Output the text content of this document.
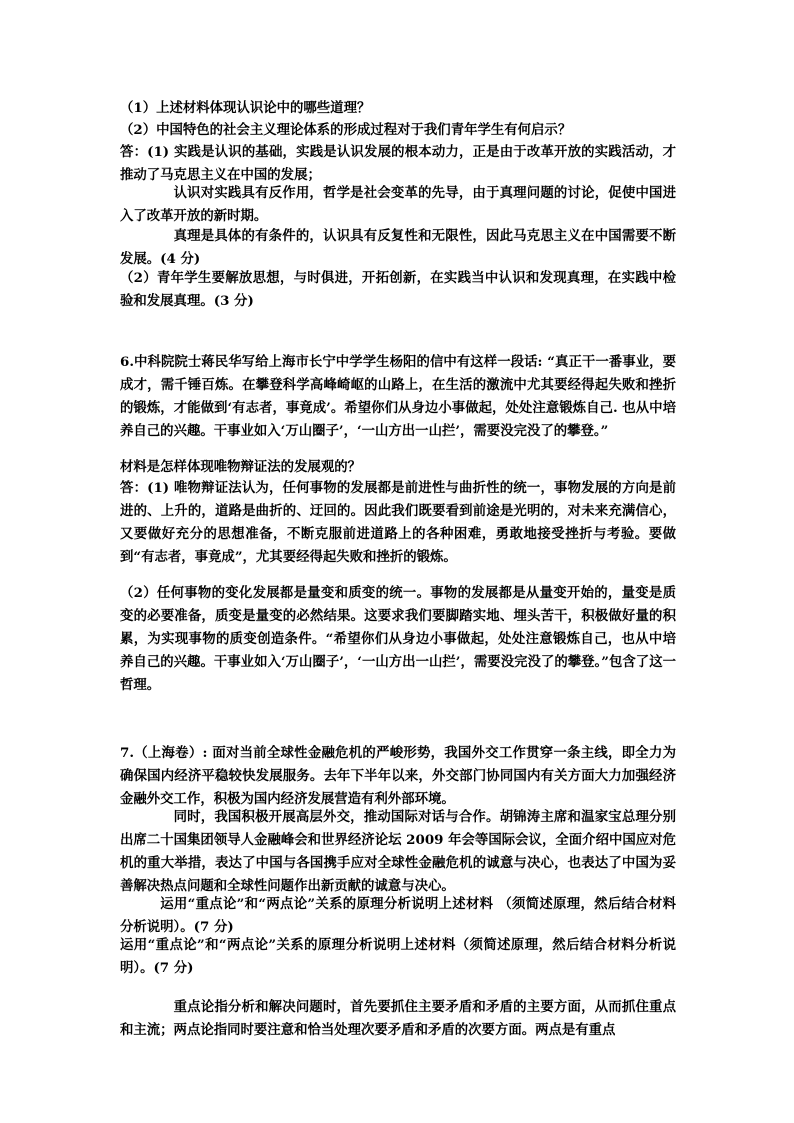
（1）上述材料体现认识论中的哪些道理？

（2）中国特色的社会主义理论体系的形成过程对于我们青年学生有何启示？

答：(1) 实践是认识的基础，实践是认识发展的根本动力，正是由于改革开放的实践活动，才推动了马克思主义在中国的发展；

认识对实践具有反作用，哲学是社会变革的先导，由于真理问题的讨论，促使中国进入了改革开放的新时期。

真理是具体的有条件的，认识具有反复性和无限性，因此马克思主义在中国需要不断发展。(4 分)

（2）青年学生要解放思想，与时俱进，开拓创新，在实践当中认识和发现真理，在实践中检验和发展真理。(3 分)

6.中科院院士蒋民华写给上海市长宁中学学生杨阳的信中有这样一段话: “真正干一番事业，要成才，需千锤百炼。在攀登科学高峰崎岖的山路上，在生活的激流中尤其要经得起失败和挫折的锻炼，才能做到‘有志者，事竟成’。希望你们从身边小事做起，处处注意锻炼自己. 也从中培养自己的兴趣。干事业如入‘万山圈子’，‘一山方出一山拦’，需要没完没了的攀登。”

材料是怎样体现唯物辩证法的发展观的？

答：(1) 唯物辩证法认为，任何事物的发展都是前进性与曲折性的统一，事物发展的方向是前进的、上升的，道路是曲折的、迂回的。因此我们既要看到前途是光明的，对未来充满信心，又要做好充分的思想准备，不断克服前进道路上的各种困难，勇敢地接受挫折与考验。要做到“有志者，事竟成”，尤其要经得起失败和挫折的锻炼。

（2）任何事物的变化发展都是量变和质变的统一。事物的发展都是从量变开始的，量变是质变的必要准备，质变是量变的必然结果。这要求我们要脚踏实地、埋头苦干，积极做好量的积累，为实现事物的质变创造条件。“希望你们从身边小事做起，处处注意锻炼自己，也从中培养自己的兴趣。干事业如入‘万山圈子’，‘一山方出一山拦’，需要没完没了的攀登。”包含了这一哲理。

7.（上海卷）: 面对当前全球性金融危机的严峻形势，我国外交工作贯穿一条主线，即全力为确保国内经济平稳较快发展服务。去年下半年以来，外交部门协同国内有关方面大力加强经济金融外交工作，积极为国内经济发展营造有利外部环境。

同时，我国积极开展高层外交，推动国际对话与合作。胡锦涛主席和温家宝总理分别出席二十国集团领导人金融峰会和世界经济论坛 2009 年会等国际会议，全面介绍中国应对危机的重大举措，表达了中国与各国携手应对全球性金融危机的诚意与决心，也表达了中国为妥善解决热点问题和全球性问题作出新贡献的诚意与决心。

运用“重点论”和“两点论”关系的原理分析说明上述材料 （须简述原理，然后结合材料分析说明）。(7 分)

运用“重点论”和“两点论”关系的原理分析说明上述材料（须简述原理，然后结合材料分析说明）。(7 分)

重点论指分析和解决问题时，首先要抓住主要矛盾和矛盾的主要方面，从而抓住重点和主流；两点论指同时要注意和恰当处理次要矛盾和矛盾的次要方面。两点是有重点
